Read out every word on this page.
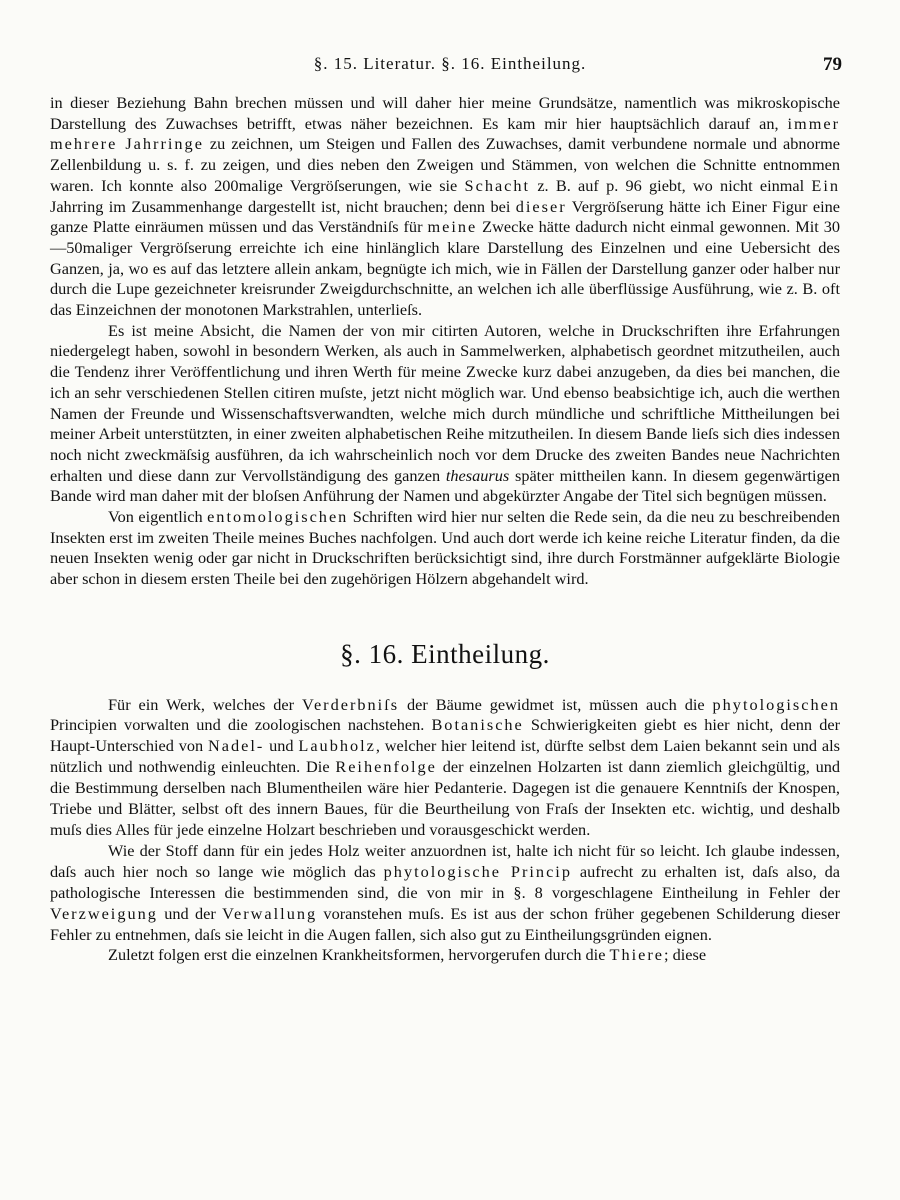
§. 15. Literatur. §. 16. Eintheilung.	79

in dieser Beziehung Bahn brechen müssen und will daher hier meine Grundsätze, namentlich was mikroskopische Darstellung des Zuwachses betrifft, etwas näher bezeichnen. Es kam mir hier hauptsächlich darauf an, immer mehrere Jahrringe zu zeichnen, um Steigen und Fallen des Zuwachses, damit verbundene normale und abnorme Zellenbildung u. s. f. zu zeigen, und dies neben den Zweigen und Stämmen, von welchen die Schnitte entnommen waren. Ich konnte also 200malige Vergröſserungen, wie sie Schacht z. B. auf p. 96 giebt, wo nicht einmal Ein Jahrring im Zusammenhange dargestellt ist, nicht brauchen; denn bei dieser Vergröſserung hätte ich Einer Figur eine ganze Platte einräumen müssen und das Verständniſs für meine Zwecke hätte dadurch nicht einmal gewonnen. Mit 30—50maliger Vergröſserung erreichte ich eine hinlänglich klare Darstellung des Einzelnen und eine Uebersicht des Ganzen, ja, wo es auf das letztere allein ankam, begnügte ich mich, wie in Fällen der Darstellung ganzer oder halber nur durch die Lupe gezeichneter kreisrunder Zweigdurchschnitte, an welchen ich alle überflüssige Ausführung, wie z. B. oft das Einzeichnen der monotonen Markstrahlen, unterlieſs.

Es ist meine Absicht, die Namen der von mir citirten Autoren, welche in Druckschriften ihre Erfahrungen niedergelegt haben, sowohl in besondern Werken, als auch in Sammelwerken, alphabetisch geordnet mitzutheilen, auch die Tendenz ihrer Veröffentlichung und ihren Werth für meine Zwecke kurz dabei anzugeben, da dies bei manchen, die ich an sehr verschiedenen Stellen citiren muſste, jetzt nicht möglich war. Und ebenso beabsichtige ich, auch die werthen Namen der Freunde und Wissenschaftsverwandten, welche mich durch mündliche und schriftliche Mittheilungen bei meiner Arbeit unterstützten, in einer zweiten alphabetischen Reihe mitzutheilen. In diesem Bande lieſs sich dies indessen noch nicht zweckmäſsig ausführen, da ich wahrscheinlich noch vor dem Drucke des zweiten Bandes neue Nachrichten erhalten und diese dann zur Vervollständigung des ganzen thesaurus später mittheilen kann. In diesem gegenwärtigen Bande wird man daher mit der bloſsen Anführung der Namen und abgekürzter Angabe der Titel sich begnügen müssen.

Von eigentlich entomologischen Schriften wird hier nur selten die Rede sein, da die neu zu beschreibenden Insekten erst im zweiten Theile meines Buches nachfolgen. Und auch dort werde ich keine reiche Literatur finden, da die neuen Insekten wenig oder gar nicht in Druckschriften berücksichtigt sind, ihre durch Forstmänner aufgeklärte Biologie aber schon in diesem ersten Theile bei den zugehörigen Hölzern abgehandelt wird.

§. 16. Eintheilung.

Für ein Werk, welches der Verderbniſs der Bäume gewidmet ist, müssen auch die phytologischen Principien vorwalten und die zoologischen nachstehen. Botanische Schwierigkeiten giebt es hier nicht, denn der Haupt-Unterschied von Nadel- und Laubholz, welcher hier leitend ist, dürfte selbst dem Laien bekannt sein und als nützlich und nothwendig einleuchten. Die Reihenfolge der einzelnen Holzarten ist dann ziemlich gleichgültig, und die Bestimmung derselben nach Blumentheilen wäre hier Pedanterie. Dagegen ist die genauere Kenntniſs der Knospen, Triebe und Blätter, selbst oft des innern Baues, für die Beurtheilung von Fraſs der Insekten etc. wichtig, und deshalb muſs dies Alles für jede einzelne Holzart beschrieben und vorausgeschickt werden.

Wie der Stoff dann für ein jedes Holz weiter anzuordnen ist, halte ich nicht für so leicht. Ich glaube indessen, daſs auch hier noch so lange wie möglich das phytologische Princip aufrecht zu erhalten ist, daſs also, da pathologische Interessen die bestimmenden sind, die von mir in §. 8 vorgeschlagene Eintheilung in Fehler der Verzweigung und der Verwallung voranstehen muſs. Es ist aus der schon früher gegebenen Schilderung dieser Fehler zu entnehmen, daſs sie leicht in die Augen fallen, sich also gut zu Eintheilungsgründen eignen.

Zuletzt folgen erst die einzelnen Krankheitsformen, hervorgerufen durch die Thiere; diese
